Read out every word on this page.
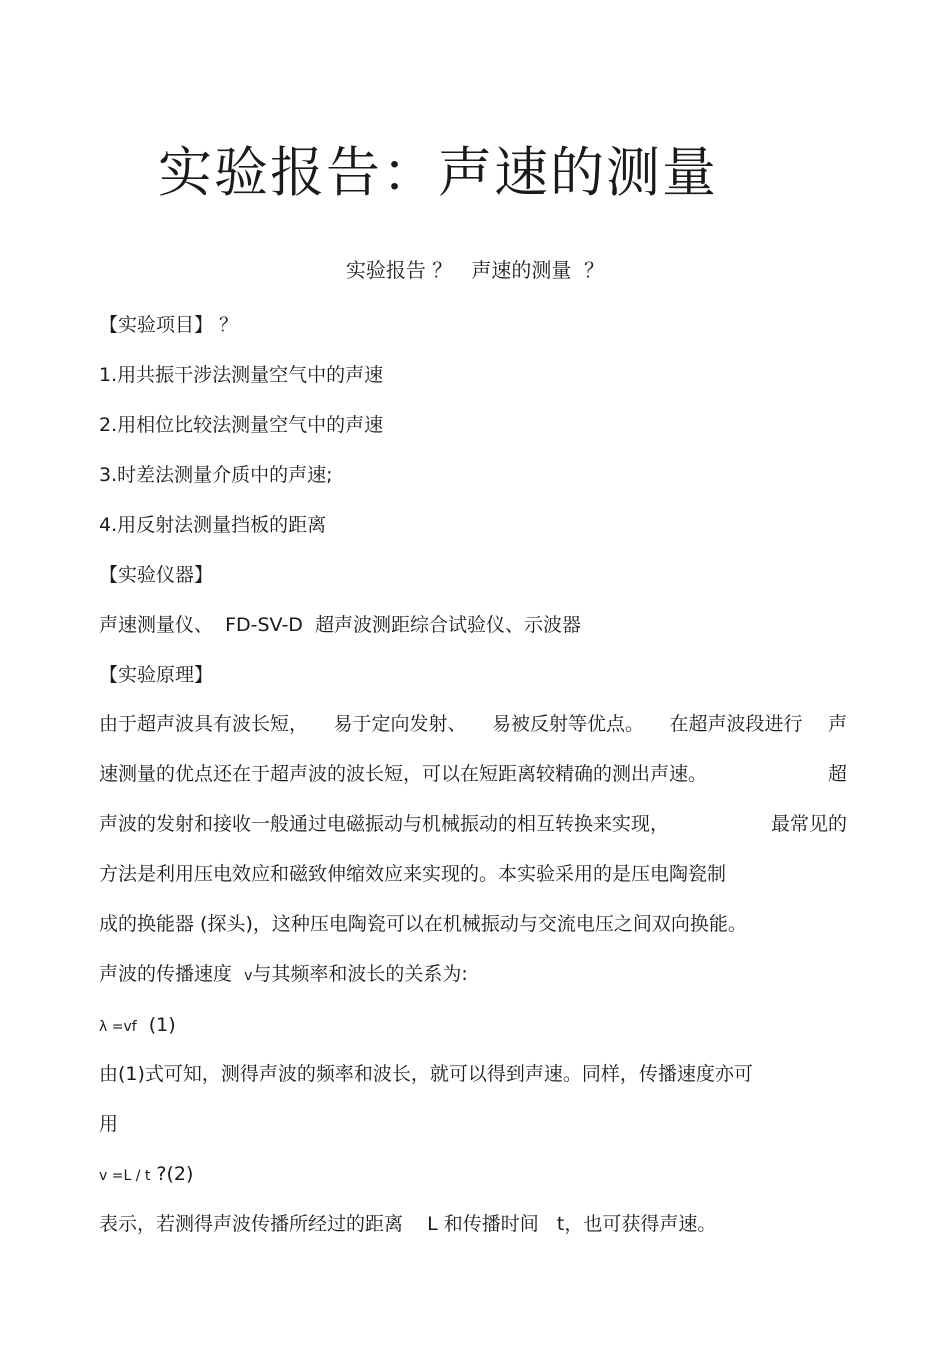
实验报告：声速的测量
实验报告 ？   声速的测量  ？
【实验项目】 ？
1.用共振干涉法测量空气中的声速
2.用相位比较法测量空气中的声速
3.时差法测量介质中的声速;
4.用反射法测量挡板的距离
【实验仪器】
声速测量仪、  FD-SV-D  超声波测距综合试验仪、示波器
【实验原理】
由于超声波具有波长短， 易于定向发射、 易被反射等优点。 在超声波段进行 声
速测量的优点还在于超声波的波长短，可以在短距离较精确的测出声速。	超
声波的发射和接收一般通过电磁振动与机械振动的相互转换来实现，	最常见的
方法是利用压电效应和磁致伸缩效应来实现的。本实验采用的是压电陶瓷制
成的换能器 (探头)，这种压电陶瓷可以在机械振动与交流电压之间双向换能。
声波的传播速度  v与其频率和波长的关系为:
λ =vf  (1)
由(1)式可知，测得声波的频率和波长，就可以得到声速。同样，传播速度亦可
用
v =L / t ?(2)
表示，若测得声波传播所经过的距离    L 和传播时间   t，也可获得声速。
